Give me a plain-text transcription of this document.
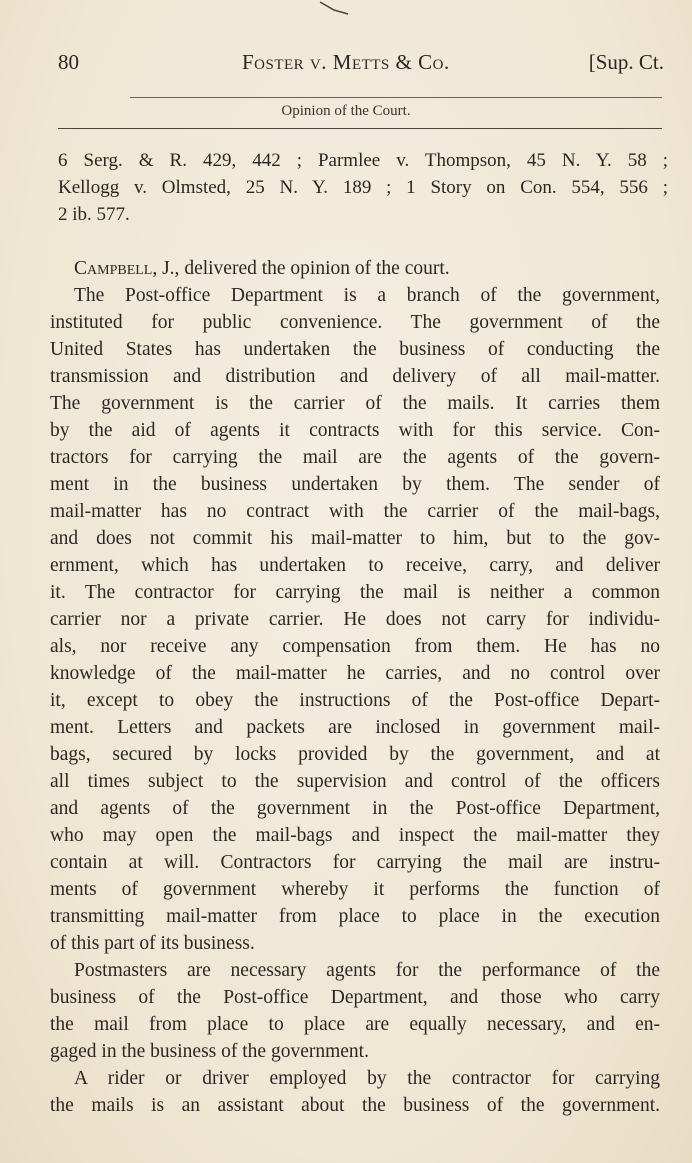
80	Foster v. Metts & Co.	[Sup. Ct.
Opinion of the Court.
6 Serg. & R. 429, 442 ; Parmlee v. Thompson, 45 N. Y. 58 ;
Kellogg v. Olmsted, 25 N. Y. 189 ; 1 Story on Con. 554, 556 ;
2 ib. 577.
Campbell, J., delivered the opinion of the court.
The Post-office Department is a branch of the government,
instituted for public convenience. The government of the
United States has undertaken the business of conducting the
transmission and distribution and delivery of all mail-matter.
The government is the carrier of the mails. It carries them
by the aid of agents it contracts with for this service. Con-
tractors for carrying the mail are the agents of the govern-
ment in the business undertaken by them. The sender of
mail-matter has no contract with the carrier of the mail-bags,
and does not commit his mail-matter to him, but to the gov-
ernment, which has undertaken to receive, carry, and deliver
it. The contractor for carrying the mail is neither a common
carrier nor a private carrier. He does not carry for individu-
als, nor receive any compensation from them. He has no
knowledge of the mail-matter he carries, and no control over
it, except to obey the instructions of the Post-office Depart-
ment. Letters and packets are inclosed in government mail-
bags, secured by locks provided by the government, and at
all times subject to the supervision and control of the officers
and agents of the government in the Post-office Department,
who may open the mail-bags and inspect the mail-matter they
contain at will. Contractors for carrying the mail are instru-
ments of government whereby it performs the function of
transmitting mail-matter from place to place in the execution
of this part of its business.
Postmasters are necessary agents for the performance of the
business of the Post-office Department, and those who carry
the mail from place to place are equally necessary, and en-
gaged in the business of the government.
A rider or driver employed by the contractor for carrying
the mails is an assistant about the business of the government.
